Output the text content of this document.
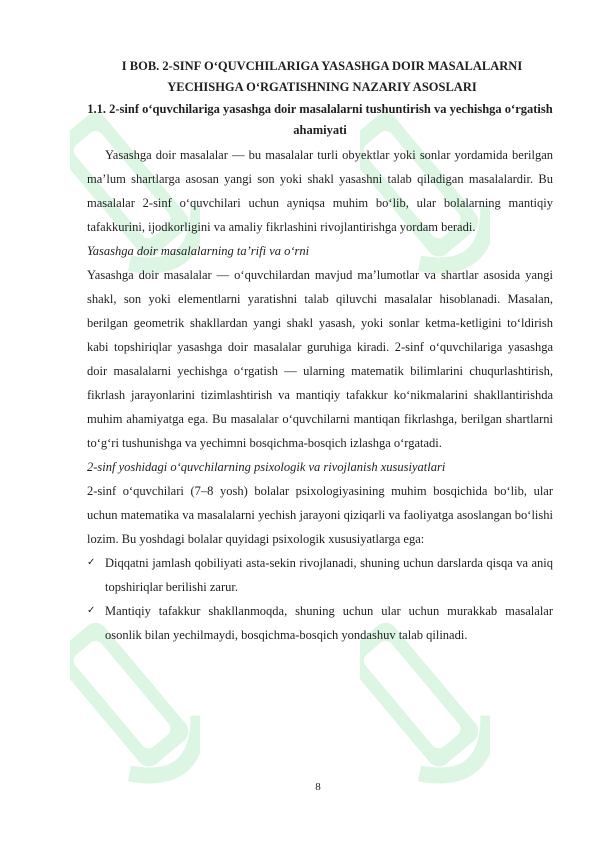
I BOB. 2-SINF O‘QUVCHILARIGA YASASHGA DOIR MASALALARNI YECHISHGA O‘RGATISHNING NAZARIY ASOSLARI
1.1. 2-sinf o‘quvchilariga yasashga doir masalalarni tushuntirish va yechishga o‘rgatish ahamiyati

Yasashga doir masalalar — bu masalalar turli obyektlar yoki sonlar yordamida berilgan ma’lum shartlarga asosan yangi son yoki shakl yasashni talab qiladigan masalalardir. Bu masalalar 2-sinf o‘quvchilari uchun ayniqsa muhim bo‘lib, ular bolalarning mantiqiy tafakkurini, ijodkorligini va amaliy fikrlashini rivojlantirishga yordam beradi.

Yasashga doir masalalarning ta’rifi va o‘rni

Yasashga doir masalalar — o‘quvchilardan mavjud ma’lumotlar va shartlar asosida yangi shakl, son yoki elementlarni yaratishni talab qiluvchi masalalar hisoblanadi. Masalan, berilgan geometrik shakllardan yangi shakl yasash, yoki sonlar ketma-ketligini to‘ldirish kabi topshiriqlar yasashga doir masalalar guruhiga kiradi. 2-sinf o‘quvchilariga yasashga doir masalalarni yechishga o‘rgatish — ularning matematik bilimlarini chuqurlashtirish, fikrlash jarayonlarini tizimlashtirish va mantiqiy tafakkur ko‘nikmalarini shakllantirishda muhim ahamiyatga ega. Bu masalalar o‘quvchilarni mantiqan fikrlashga, berilgan shartlarni to‘g‘ri tushunishga va yechimni bosqichma-bosqich izlashga o‘rgatadi.

2-sinf yoshidagi o‘quvchilarning psixologik va rivojlanish xususiyatlari

2-sinf o‘quvchilari (7–8 yosh) bolalar psixologiyasining muhim bosqichida bo‘lib, ular uchun matematika va masalalarni yechish jarayoni qiziqarli va faoliyatga asoslangan bo‘lishi lozim. Bu yoshdagi bolalar quyidagi psixologik xususiyatlarga ega:

✓ Diqqatni jamlash qobiliyati asta-sekin rivojlanadi, shuning uchun darslarda qisqa va aniq topshiriqlar berilishi zarur.
✓ Mantiqiy tafakkur shakllanmoqda, shuning uchun ular uchun murakkab masalalar osonlik bilan yechilmaydi, bosqichma-bosqich yondashuv talab qilinadi.
8
